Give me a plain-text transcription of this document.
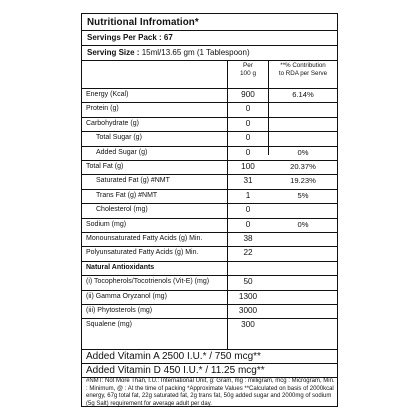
Nutritional Infromation*
Servings Per Pack : 67
Serving Size : 15ml/13.65 gm (1 Tablespoon)
Per
100 g
**% Contribution
to RDA per Serve
Energy (Kcal)	900	6.14%
Protein (g)	0
Carbohydrate (g)	0
Total Sugar (g)	0
Added Sugar (g)	0	0%
Total Fat (g)	100	20.37%
Saturated Fat (g) #NMT	31	19.23%
Trans Fat (g) #NMT	1	5%
Cholesterol (mg)	0
Sodium (mg)	0	0%
Monounsaturated Fatty Acids (g) Min.	38
Polyunsaturated Fatty Acids (g) Min.	22
Natural Antioxidants
(i) Tocopherols/Tocotrienols (Vit-E) (mg)	50
(ii) Gamma Oryzanol (mg)	1300
(iii) Phytosterols (mg)	3000
Squalene (mg)	300
Added Vitamin A 2500 I.U.* / 750 mcg**
Added Vitamin D 450 I.U.* / 11.25 mcg**
#NMT: Not More Than, I.U.: International Unit, g: Gram, mg : milligram, mcg : Microgram, Min. : Minimum, @ : At the time of packing *Approximate Values **Calculated on basis of 2000kcal energy, 67g total fat, 22g saturated fat, 2g trans fat, 50g added sugar and 2000mg of sodium (5g Salt) requirement for average adult per day.
